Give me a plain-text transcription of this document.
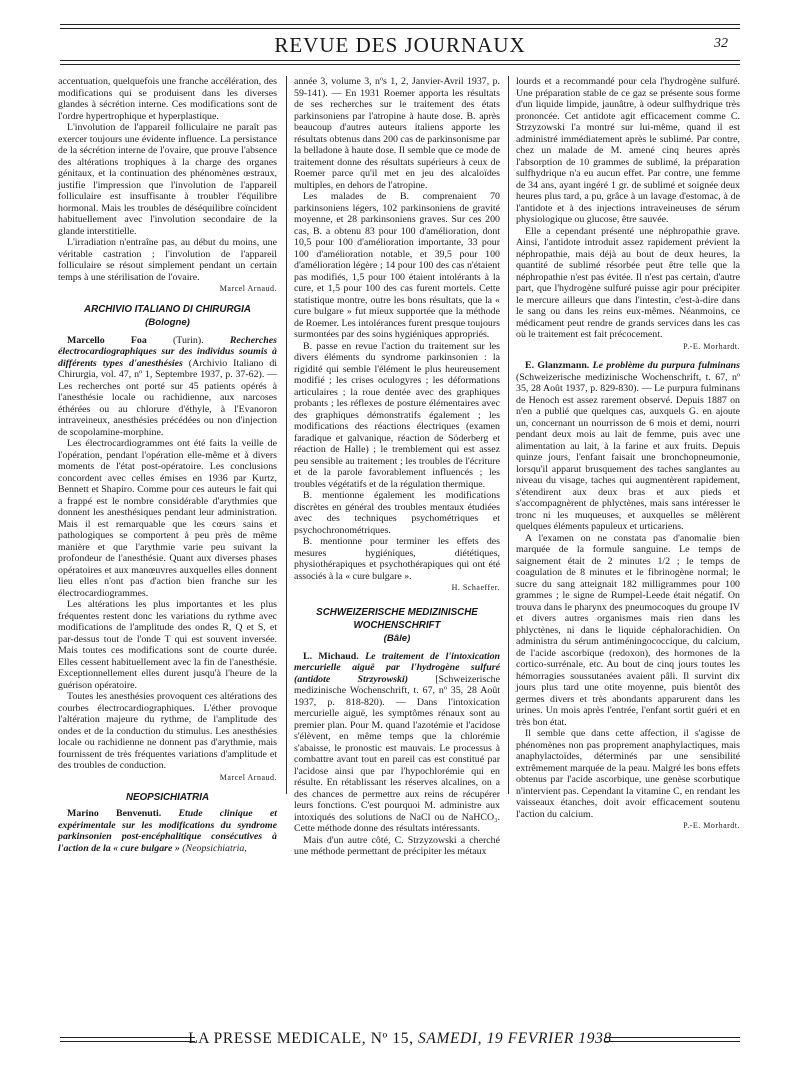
REVUE DES JOURNAUX	32

accentuation, quelquefois une franche accélération, des modifications qui se produisent dans les diverses glandes à sécrétion interne. Ces modifications sont de l'ordre hypertrophique et hyperplastique.

L'involution de l'appareil folliculaire ne paraît pas exercer toujours une évidente influence. La persistance de la sécrétion interne de l'ovaire, que prouve l'absence des altérations trophiques à la charge des organes génitaux, et la continuation des phénomènes œstraux, justifie l'impression que l'involution de l'appareil folliculaire est insuffisante à troubler l'équilibre hormonal. Mais les troubles de déséquilibre coïncident habituellement avec l'involution secondaire de la glande interstitielle.

L'irradiation n'entraîne pas, au début du moins, une véritable castration ; l'involution de l'appareil folliculaire se résout simplement pendant un certain temps à une stérilisation de l'ovaire.

Marcel Arnaud.

ARCHIVIO ITALIANO DI CHIRURGIA
(Bologne)

Marcello Foa (Turin). Recherches électrocardiographiques sur des individus soumis à différents types d'anesthésies (Archivio Italiano di Chirurgia, vol. 47, nº 1, Septembre 1937, p. 37-62). — Les recherches ont porté sur 45 patients opérés à l'anesthésie locale ou rachidienne, aux narcoses éthérées ou au chlorure d'éthyle, à l'Evanoron intraveineux, anesthésies précédées ou non d'injection de scopolamine-morphine.

Les électrocardiogrammes ont été faits la veille de l'opération, pendant l'opération elle-même et à divers moments de l'état post-opératoire. Les conclusions concordent avec celles émises en 1936 par Kurtz, Bennett et Shapiro. Comme pour ces auteurs le fait qui a frappé est le nombre considérable d'arythmies que donnent les anesthésiques pendant leur administration. Mais il est remarquable que les cœurs sains et pathologiques se comportent à peu près de même manière et que l'arythmie varie peu suivant la profondeur de l'anesthésie. Quant aux diverses phases opératoires et aux manœuvres auxquelles elles donnent lieu elles n'ont pas d'action bien franche sur les électrocardiogrammes.

Les altérations les plus importantes et les plus fréquentes restent donc les variations du rythme avec modifications de l'amplitude des ondes R, Q et S, et par-dessus tout de l'onde T qui est souvent inversée. Mais toutes ces modifications sont de courte durée. Elles cessent habituellement avec la fin de l'anesthésie. Exceptionnellement elles durent jusqu'à l'heure de la guérison opératoire.

Toutes les anesthésies provoquent ces altérations des courbes électrocardiographiques. L'éther provoque l'altération majeure du rythme, de l'amplitude des ondes et de la conduction du stimulus. Les anesthésies locale ou rachidienne ne donnent pas d'arythmie, mais fournissent de très fréquentes variations d'amplitude et des troubles de conduction.

Marcel Arnaud.

NEOPSICHIATRIA

Marino Benvenuti. Etude clinique et expérimentale sur les modifications du syndrome parkinsonien post-encéphalitique consécutives à l'action de la « cure bulgare » (Neopsichiatria,

année 3, volume 3, nºs 1, 2, Janvier-Avril 1937, p. 59-141). — En 1931 Roemer apporta les résultats de ses recherches sur le traitement des états parkinsoniens par l'atropine à haute dose. B. après beaucoup d'autres auteurs italiens apporte les résultats obtenus dans 200 cas de parkinsonisme par la belladone à haute dose. Il semble que ce mode de traitement donne des résultats supérieurs à ceux de Roemer parce qu'il met en jeu des alcaloïdes multiples, en dehors de l'atropine.

Les malades de B. comprenaient 70 parkinsoniens légers, 102 parkinsoniens de gravité moyenne, et 28 parkinsoniens graves. Sur ces 200 cas, B. a obtenu 83 pour 100 d'amélioration, dont 10,5 pour 100 d'amélioration importante, 33 pour 100 d'amélioration notable, et 39,5 pour 100 d'amélioration légère ; 14 pour 100 des cas n'étaient pas modifiés, 1,5 pour 100 étaient intolérants à la cure, et 1,5 pour 100 des cas furent mortels. Cette statistique montre, outre les bons résultats, que la « cure bulgare » fut mieux supportée que la méthode de Roemer. Les intolérances furent presque toujours surmontées par des soins hygiéniques appropriés.

B. passe en revue l'action du traitement sur les divers éléments du syndrome parkinsonien : la rigidité qui semble l'élément le plus heureusement modifié ; les crises oculogyres ; les déformations articulaires ; la roue dentée avec des graphiques probants ; les réflexes de posture élémentaires avec des graphiques démonstratifs également ; les modifications des réactions électriques (examen faradique et galvanique, réaction de Söderberg et réaction de Halle) ; le tremblement qui est assez peu sensible au traitement ; les troubles de l'écriture et de la parole favorablement influencés ; les troubles végétatifs et de la régulation thermique.

B. mentionne également les modifications discrètes en général des troubles mentaux étudiées avec des techniques psychométriques et psychochronométriques.

B. mentionne pour terminer les effets des mesures hygiéniques, diététiques, physiothérapiques et psychothérapiques qui ont été associés à la « cure bulgare ».

H. Schaeffer.

SCHWEIZERISCHE MEDIZINISCHE WOCHENSCHRIFT
(Bâle)

L. Michaud. Le traitement de l'intoxication mercurielle aiguë par l'hydrogène sulfuré (antidote Strzyrowski) [Schweizerische medizinische Wochenschrift, t. 67, nº 35, 28 Août 1937, p. 818-820). — Dans l'intoxication mercurielle aiguë, les symptômes rénaux sont au premier plan. Pour M. quand l'azotémie et l'acidose s'élèvent, en même temps que la chlorémie s'abaisse, le pronostic est mauvais. Le processus à combattre avant tout en pareil cas est constitué par l'acidose ainsi que par l'hypochlorémie qui en résulte. En rétablissant les réserves alcalines, on a des chances de permettre aux reins de récupérer leurs fonctions. C'est pourquoi M. administre aux intoxiqués des solutions de NaCl ou de NaHCO₃. Cette méthode donne des résultats intéressants.

Mais d'un autre côté, C. Strzyzowski a cherché une méthode permettant de précipiter les métaux

lourds et a recommandé pour cela l'hydrogène sulfuré. Une préparation stable de ce gaz se présente sous forme d'un liquide limpide, jaunâtre, à odeur sulfhydrique très prononcée. Cet antidote agit efficacement comme C. Strzyzowski l'a montré sur lui-même, quand il est administré immédiatement après le sublimé. Par contre, chez un malade de M. amené cinq heures après l'absorption de 10 grammes de sublimé, la préparation sulfhydrique n'a eu aucun effet. Par contre, une femme de 34 ans, ayant ingéré 1 gr. de sublimé et soignée deux heures plus tard, a pu, grâce à un lavage d'estomac, à de l'antidote et à des injections intraveineuses de sérum physiologique ou glucose, être sauvée.

Elle a cependant présenté une néphropathie grave. Ainsi, l'antidote introduit assez rapidement prévient la néphropathie, mais déjà au bout de deux heures, la quantité de sublimé résorbée peut être telle que la néphropathie n'est pas évitée. Il n'est pas certain, d'autre part, que l'hydrogène sulfuré puisse agir pour précipiter le mercure ailleurs que dans l'intestin, c'est-à-dire dans le sang ou dans les reins eux-mêmes. Néanmoins, ce médicament peut rendre de grands services dans les cas où le traitement est fait précocement.

P.-E. Morhardt.

E. Glanzmann. Le problème du purpura fulminans (Schweizerische medizinische Wochenschrift, t. 67, nº 35, 28 Août 1937, p. 829-830). — Le purpura fulminans de Henoch est assez rarement observé. Depuis 1887 on n'en a publié que quelques cas, auxquels G. en ajoute un, concernant un nourrisson de 6 mois et demi, nourri pendant deux mois au lait de femme, puis avec une alimentation au lait, à la farine et aux fruits. Depuis quinze jours, l'enfant faisait une bronchopneumonie, lorsqu'il apparut brusquement des taches sanglantes au niveau du visage, taches qui augmentèrent rapidement, s'étendirent aux deux bras et aux pieds et s'accompagnèrent de phlyctènes, mais sans intéresser le tronc ni les muqueuses, et auxquelles se mêlèrent quelques éléments papuleux et urticariens.

A l'examen on ne constata pas d'anomalie bien marquée de la formule sanguine. Le temps de saignement était de 2 minutes 1/2 ; le temps de coagulation de 8 minutes et le fibrinogène normal; le sucre du sang atteignait 182 milligrammes pour 100 grammes ; le signe de Rumpel-Leede était négatif. On trouva dans le pharynx des pneumocoques du groupe IV et divers autres organismes mais rien dans les phlyctènes, ni dans le liquide céphalorachidien. On administra du sérum antiméningococcique, du calcium, de l'acide ascorbique (redoxon), des hormones de la cortico-surrénale, etc. Au bout de cinq jours toutes les hémorragies soussutanées avaient pâli. Il survint dix jours plus tard une otite moyenne, puis bientôt des germes divers et très abondants apparurent dans les urines. Un mois après l'entrée, l'enfant sortit guéri et en très bon état.

Il semble que dans cette affection, il s'agisse de phénomènes non pas proprement anaphylactiques, mais anaphylactoïdes, déterminés par une sensibilité extrêmement marquée de la peau. Malgré les bons effets obtenus par l'acide ascorbique, une genèse scorbutique n'intervient pas. Cependant la vitamine C, en rendant les vaisseaux étanches, doit avoir efficacement soutenu l'action du calcium.

P.-E. Morhardt.

LA PRESSE MEDICALE, Nº 15, SAMEDI, 19 FEVRIER 1938
